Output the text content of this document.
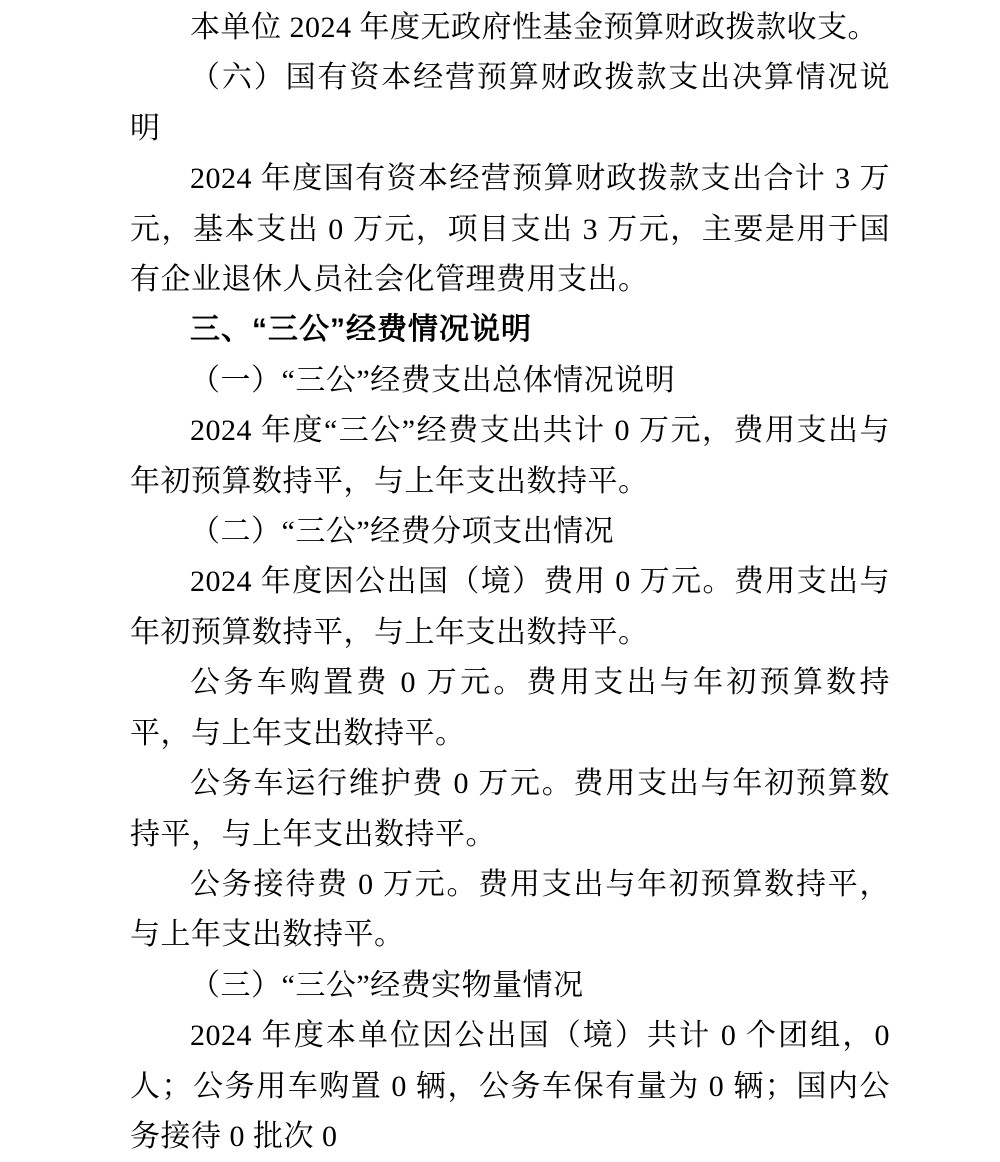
本单位 2024 年度无政府性基金预算财政拨款收支。

（六）国有资本经营预算财政拨款支出决算情况说明

2024 年度国有资本经营预算财政拨款支出合计 3 万元，基本支出 0 万元，项目支出 3 万元，主要是用于国有企业退休人员社会化管理费用支出。

三、“三公”经费情况说明

（一）“三公”经费支出总体情况说明

2024 年度“三公”经费支出共计 0 万元，费用支出与年初预算数持平，与上年支出数持平。

（二）“三公”经费分项支出情况

2024 年度因公出国（境）费用 0 万元。费用支出与年初预算数持平，与上年支出数持平。

公务车购置费 0 万元。费用支出与年初预算数持平，与上年支出数持平。

公务车运行维护费 0 万元。费用支出与年初预算数持平，与上年支出数持平。

公务接待费 0 万元。费用支出与年初预算数持平，与上年支出数持平。

（三）“三公”经费实物量情况

2024 年度本单位因公出国（境）共计 0 个团组，0 人；公务用车购置 0 辆，公务车保有量为 0 辆；国内公务接待 0 批次 0
